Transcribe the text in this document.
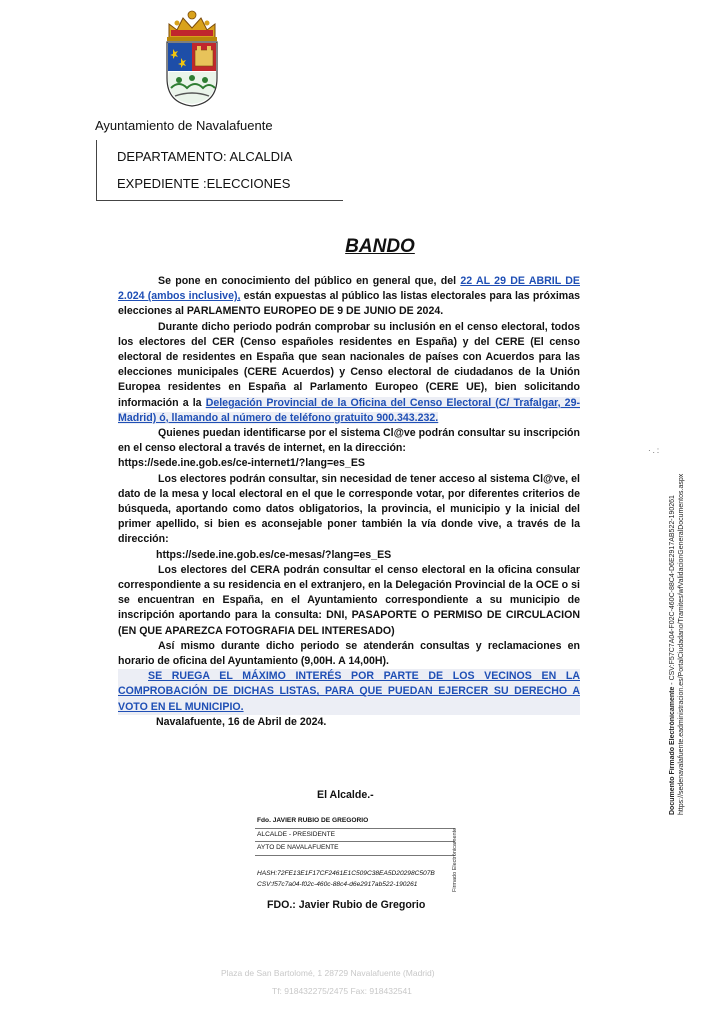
Ayuntamiento de Navalafuente
DEPARTAMENTO: ALCALDIA
EXPEDIENTE :ELECCIONES
BANDO

Se pone en conocimiento del público en general que, del 22 AL 29 DE ABRIL DE 2.024 (ambos inclusive), están expuestas al público las listas electorales para las próximas elecciones al PARLAMENTO EUROPEO DE 9 DE JUNIO DE 2024.

Durante dicho periodo podrán comprobar su inclusión en el censo electoral, todos los electores del CER (Censo españoles residentes en España) y del CERE (El censo electoral de residentes en España que sean nacionales de países con Acuerdos para las elecciones municipales (CERE Acuerdos) y Censo electoral de ciudadanos de la Unión Europea residentes en España al Parlamento Europeo (CERE UE), bien solicitando información a la Delegación Provincial de la Oficina del Censo Electoral (C/ Trafalgar, 29-Madrid) ó, llamando al número de teléfono gratuito 900.343.232.

Quienes puedan identificarse por el sistema Cl@ve podrán consultar su inscripción en el censo electoral a través de internet, en la dirección:

https://sede.ine.gob.es/ce-internet1/?lang=es_ES

Los electores podrán consultar, sin necesidad de tener acceso al sistema Cl@ve, el dato de la mesa y local electoral en el que le corresponde votar, por diferentes criterios de búsqueda, aportando como datos obligatorios, la provincia, el municipio y la inicial del primer apellido, si bien es aconsejable poner también la vía donde vive, a través de la dirección:

https://sede.ine.gob.es/ce-mesas/?lang=es_ES

Los electores del CERA podrán consultar el censo electoral en la oficina consular correspondiente a su residencia en el extranjero, en la Delegación Provincial de la OCE o si se encuentran en España, en el Ayuntamiento correspondiente a su municipio de inscripción aportando para la consulta: DNI, PASAPORTE O PERMISO DE CIRCULACION (EN QUE APAREZCA FOTOGRAFIA DEL INTERESADO)

Así mismo durante dicho periodo se atenderán consultas y reclamaciones en horario de oficina del Ayuntamiento (9,00H. A 14,00H).

SE RUEGA EL MÁXIMO INTERÉS POR PARTE DE LOS VECINOS EN LA COMPROBACIÓN DE DICHAS LISTAS, PARA QUE PUEDAN EJERCER SU DERECHO A VOTO EN EL MUNICIPIO.

Navalafuente, 16 de Abril de 2024.

El Alcalde.-
Fdo. JAVIER RUBIO DE GREGORIO
ALCALDE - PRESIDENTE
AYTO DE NAVALAFUENTE
HASH:72FE13E1F17CF2461E1C509C38EA5D20298C507B
CSV:f57c7a04-f02c-460c-88c4-d6e2917ab522-190261	Firmado Electrónicamente
FDO.: Javier Rubio de Gregorio
Plaza de San Bartolomé, 1 28729 Navalafuente (Madrid)
Tf: 918432275/2475 Fax: 918432541
·.:
Documento Firmado Electrónicamente - CSV:F57C7A04-F02C-460C-88C4-D6E2917AB522-190261 https://sedenavalafuente.eadministracion.es/PortalCiudadano/Tramites/wfValidacionGeneralDocumentos.aspx
